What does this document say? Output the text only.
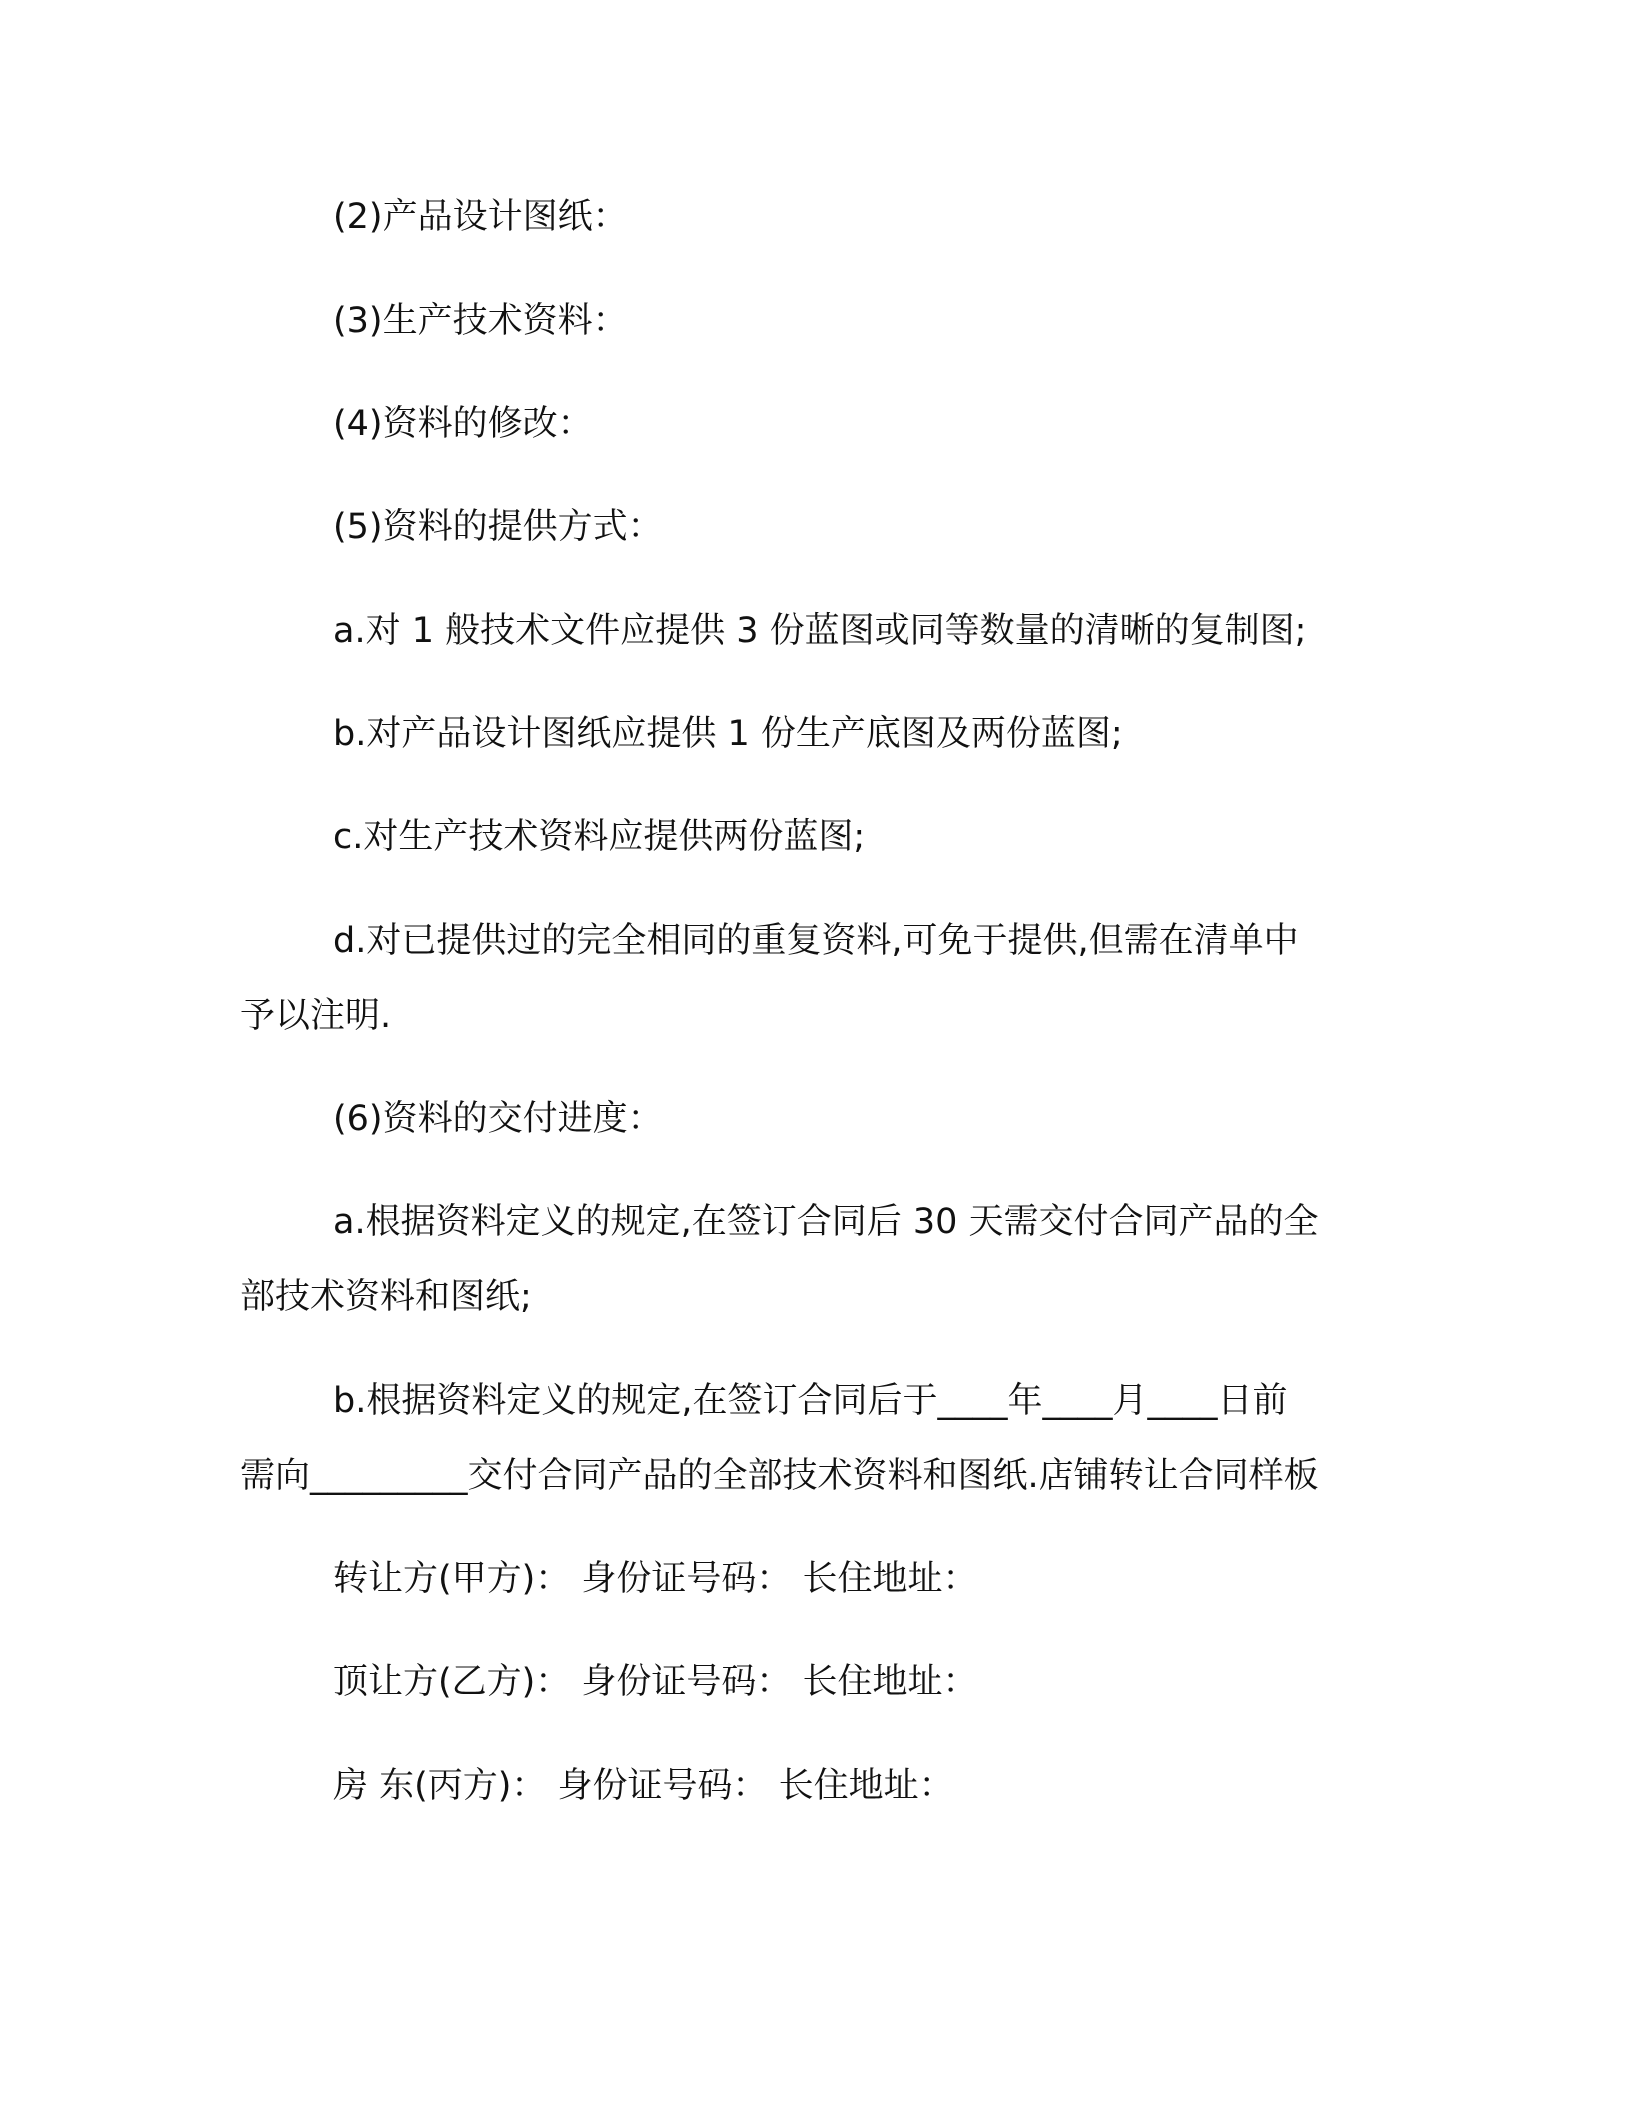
(2)产品设计图纸：

(3)生产技术资料：

(4)资料的修改：

(5)资料的提供方式：

a.对 1 般技术文件应提供 3 份蓝图或同等数量的清晰的复制图;

b.对产品设计图纸应提供 1 份生产底图及两份蓝图;

c.对生产技术资料应提供两份蓝图;

d.对已提供过的完全相同的重复资料,可免于提供,但需在清单中

予以注明.

(6)资料的交付进度：

a.根据资料定义的规定,在签订合同后 30 天需交付合同产品的全

部技术资料和图纸;

b.根据资料定义的规定,在签订合同后于____年____月____日前

需向_________交付合同产品的全部技术资料和图纸.店铺转让合同样板

转让方(甲方)： 身份证号码： 长住地址：

顶让方(乙方)： 身份证号码： 长住地址：

房 东(丙方)： 身份证号码： 长住地址：
